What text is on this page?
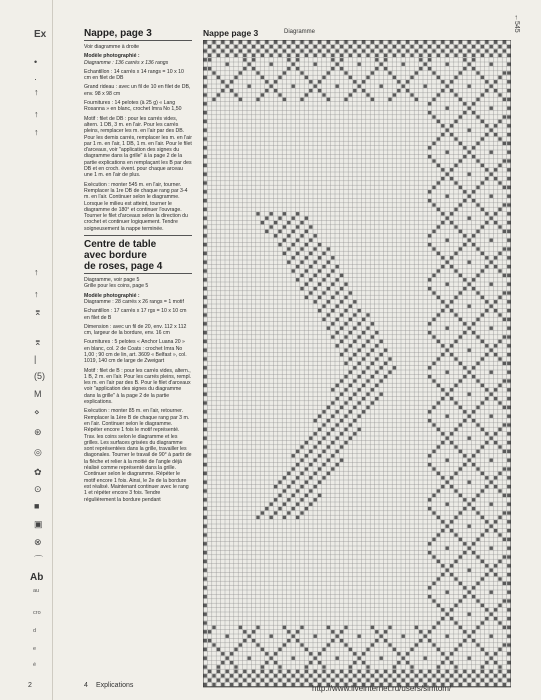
Ex
•
·
↑
↑
↑
↑
↑
⌆
⌆
|
(5)
M
⋄
⊛
◎
✿
⊙
■
▣
⊗
⌒
Ab
au
cro
d
e
é
←545
Nappe, page 3
Voir diagramme à droite
Modèle photographié :
Diagramme : 136 carrés x 136 rangs
Echantillon : 14 carrés x 14 rangs = 10 x 10 cm en filet de DB
Grand rideau : avec un fil de 10 en filet de DB, env. 98 x 98 cm
Fournitures : 14 pelotes (à 25 g) « Lang Rosanna » en blanc, crochet Imra No 1,50
Motif : filet de DB : pour les carrés vides, altern. 1 DB, 3 m. en l'air. Pour les carrés pleins, remplacer les m. en l'air par des DB. Pour les demis carrés, remplacer les m. en l'air par 1 m. en l'air, 1 DB, 1 m. en l'air. Pour le filet d'arceaux, voir "application des signes du diagramme dans la grille" à la page 2 de la partie explications en remplaçant les B par des DB et en croch. évent. pour chaque arceau une 1 m. en l'air de plus.
Exécution : monter 545 m. en l'air, tourner. Remplacer la 1re DB de chaque rang par 3-4 m. en l'air. Continuer selon le diagramme. Lorsque le milieu est atteint, tourner le diagramme de 180° et continuer l'ouvrage. Tourner le filet d'arceaux selon la direction du crochet et continuer logiquement. Tendre soigneusement la nappe terminée.
Centre de table
avec bordure
de roses, page 4
Diagramme, voir page 5
Grille pour les coins, page 5
Modèle photographié :
Diagramme : 28 carrés x 26 rangs = 1 motif
Echantillon : 17 carrés x 17 rgs = 10 x 10 cm en filet de B
Dimension : avec un fil de 20, env. 112 x 112 cm, largeur de la bordure, env. 16 cm
Fournitures : 5 pelotes « Anchor Luana 20 » en blanc, col. 2 de Coats : crochet Imra No 1,00 ; 90 cm de lin, art. 3609 « Belfast », col. 1019, 140 cm de large de Zweigart
Motif : filet de B : pour les carrés vides, altern., 1 B, 2 m. en l'air. Pour les carrés pleins, rempl. les m. en l'air par des B. Pour le filet d'arceaux voir "application des signes du diagramme dans la grille" à la page 2 de la partie explications.
Exécution : monter 85 m. en l'air, retourner. Remplacer la 1ère B de chaque rang par 3 m. en l'air. Continuer selon le diagramme. Répéter encore 1 fois le motif représenté. Trav. les coins selon le diagramme et les grilles. Les surfaces grisées du diagramme sont représentées dans la grille, travailler les diagonales. Tourner le travail de 90° à partir de la flèche et relier à la moitié de l'angle déjà réalisé comme représenté dans la grille. Continuer selon le diagramme. Répéter le motif encore 1 fois. Ainsi, le 2e de la bordure est réalisé. Maintenant continuer avec le rang 1 et répéter encore 3 fois. Tendre régulièrement la bordure pendant
Nappe page 3	Diagramme
2	4 Explications	http://www.liveinternet.ru/users/simtom/
